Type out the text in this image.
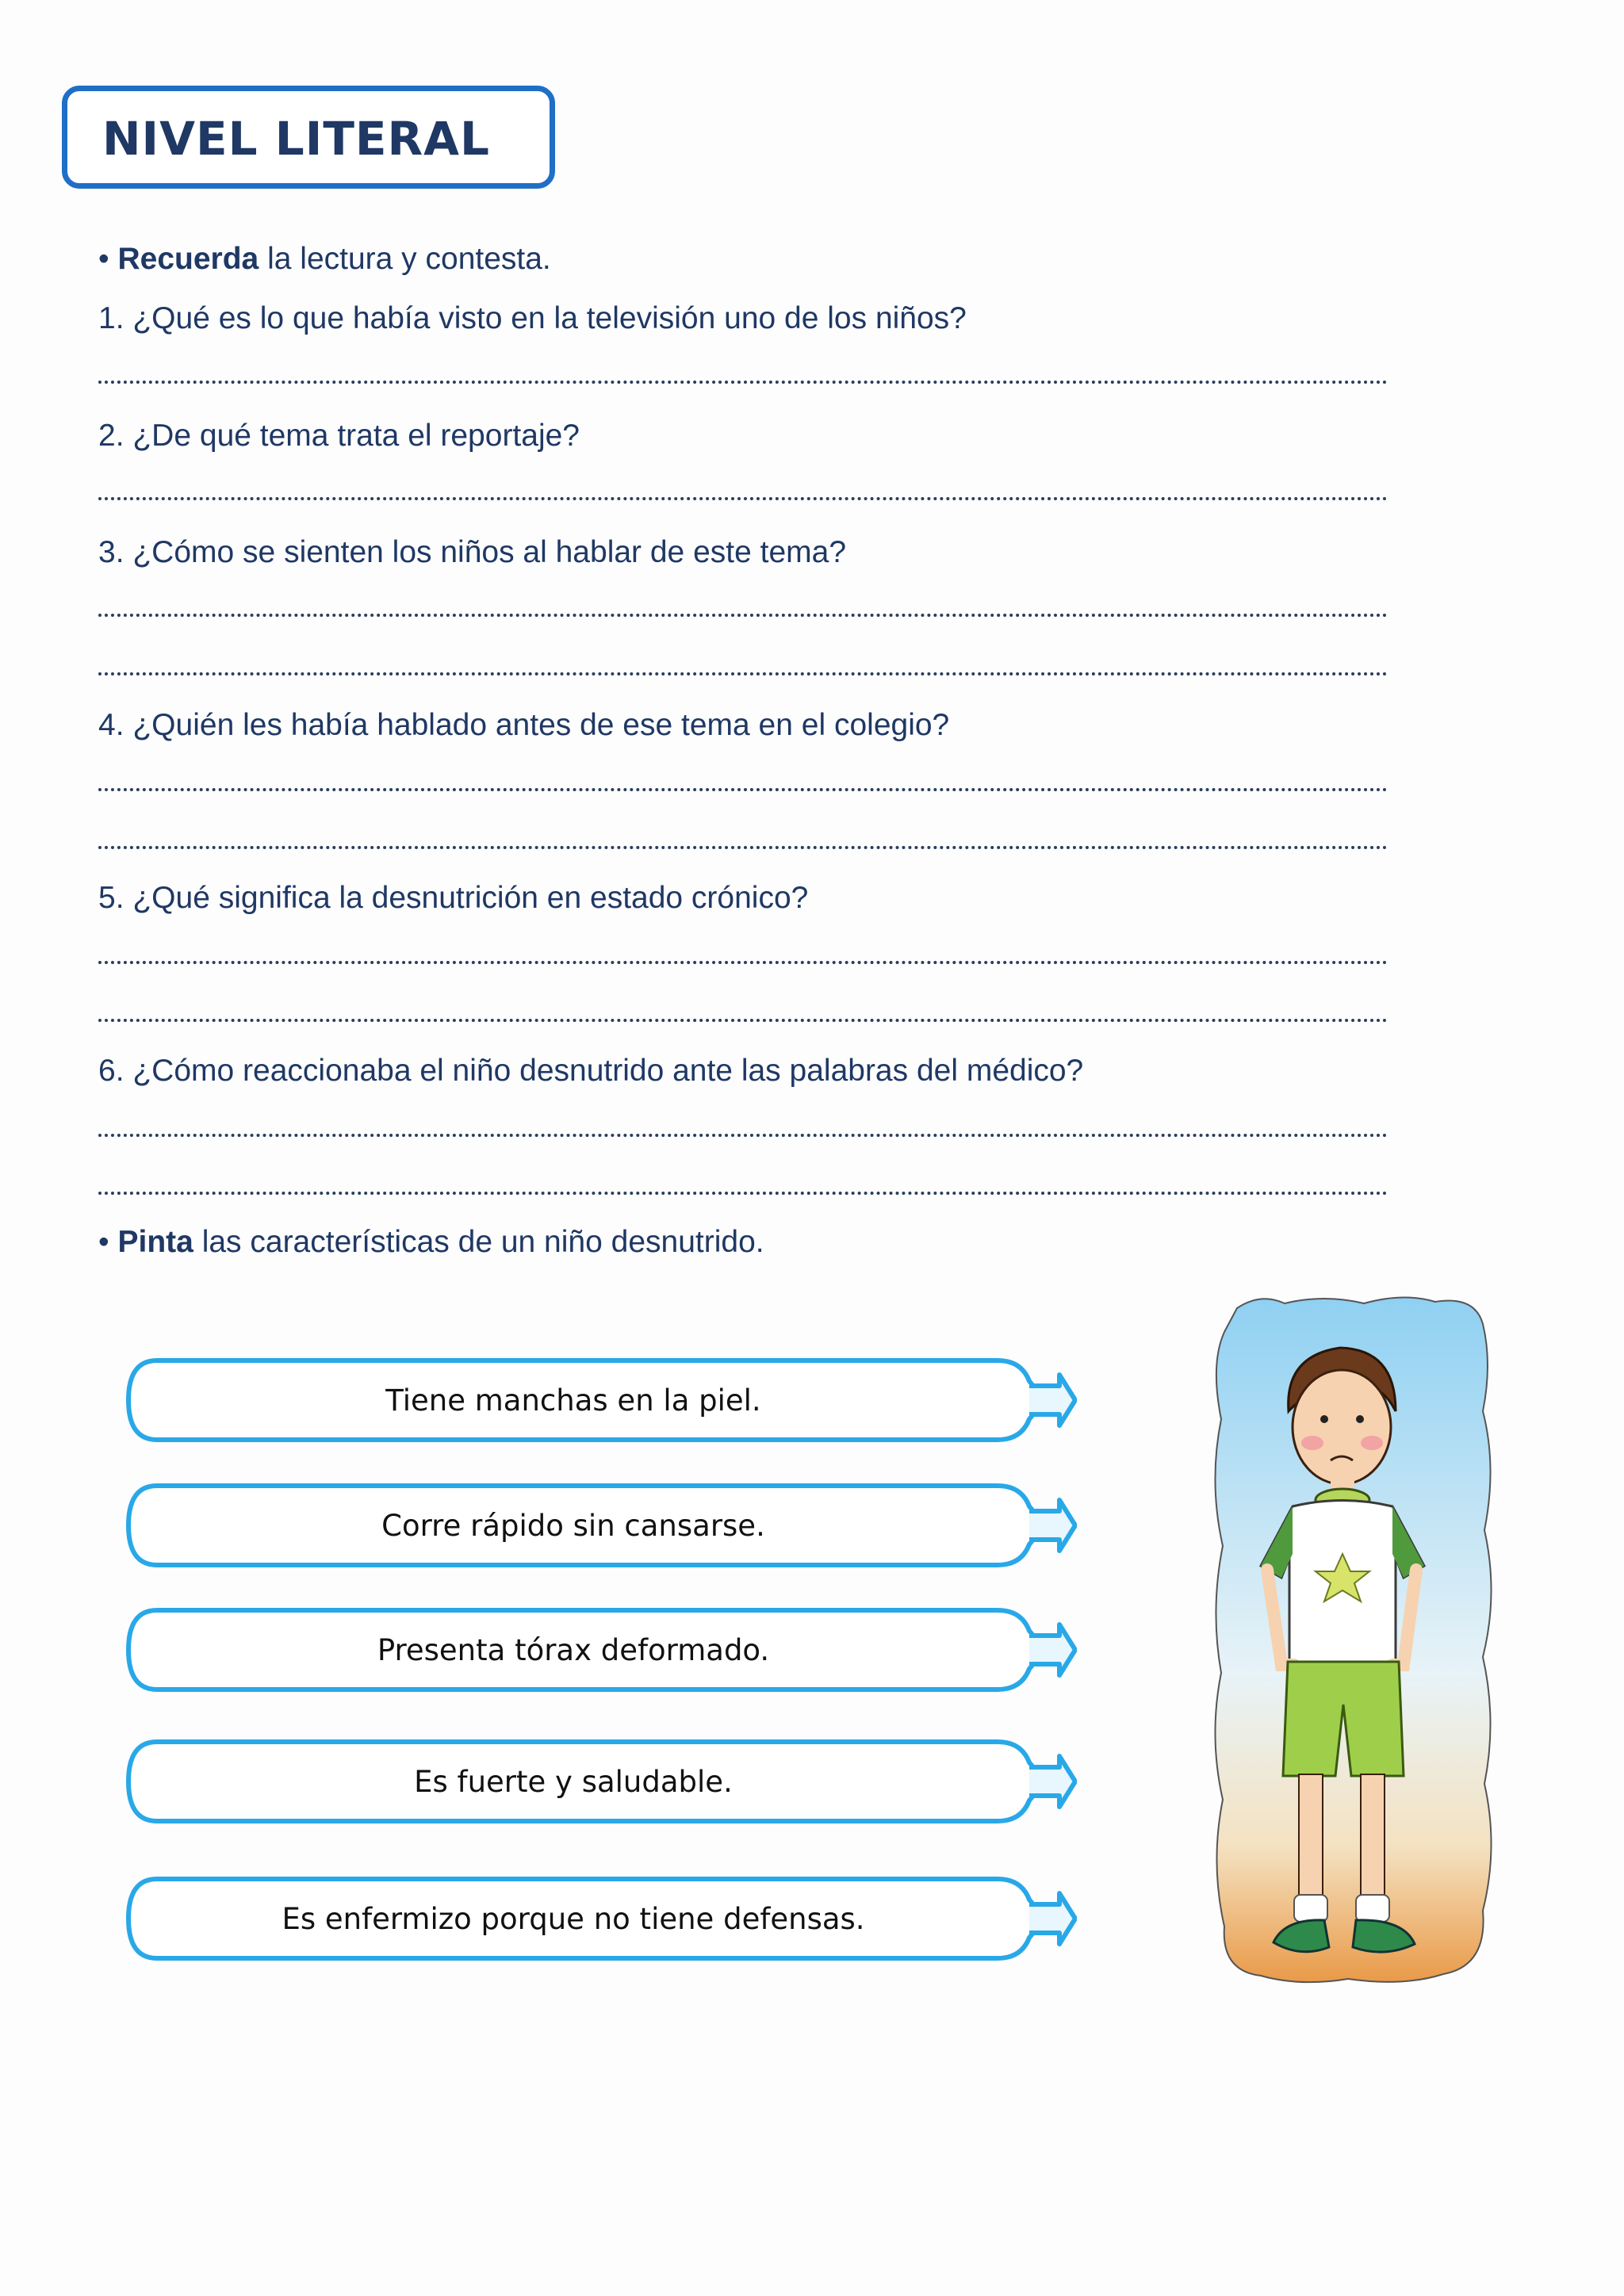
NIVEL LITERAL
• Recuerda la lectura y contesta.
1. ¿Qué es lo que había visto en la televisión uno de los niños?
2. ¿De qué tema trata el reportaje?
3. ¿Cómo se sienten los niños al hablar de este tema?
4. ¿Quién les había hablado antes de ese tema en el colegio?
5. ¿Qué significa la desnutrición en estado crónico?
6. ¿Cómo reaccionaba el niño desnutrido ante las palabras del médico?
• Pinta las características de un niño desnutrido.
Tiene manchas en la piel.
Corre rápido sin cansarse.
Presenta tórax deformado.
Es fuerte y saludable.
Es enfermizo porque no tiene defensas.
